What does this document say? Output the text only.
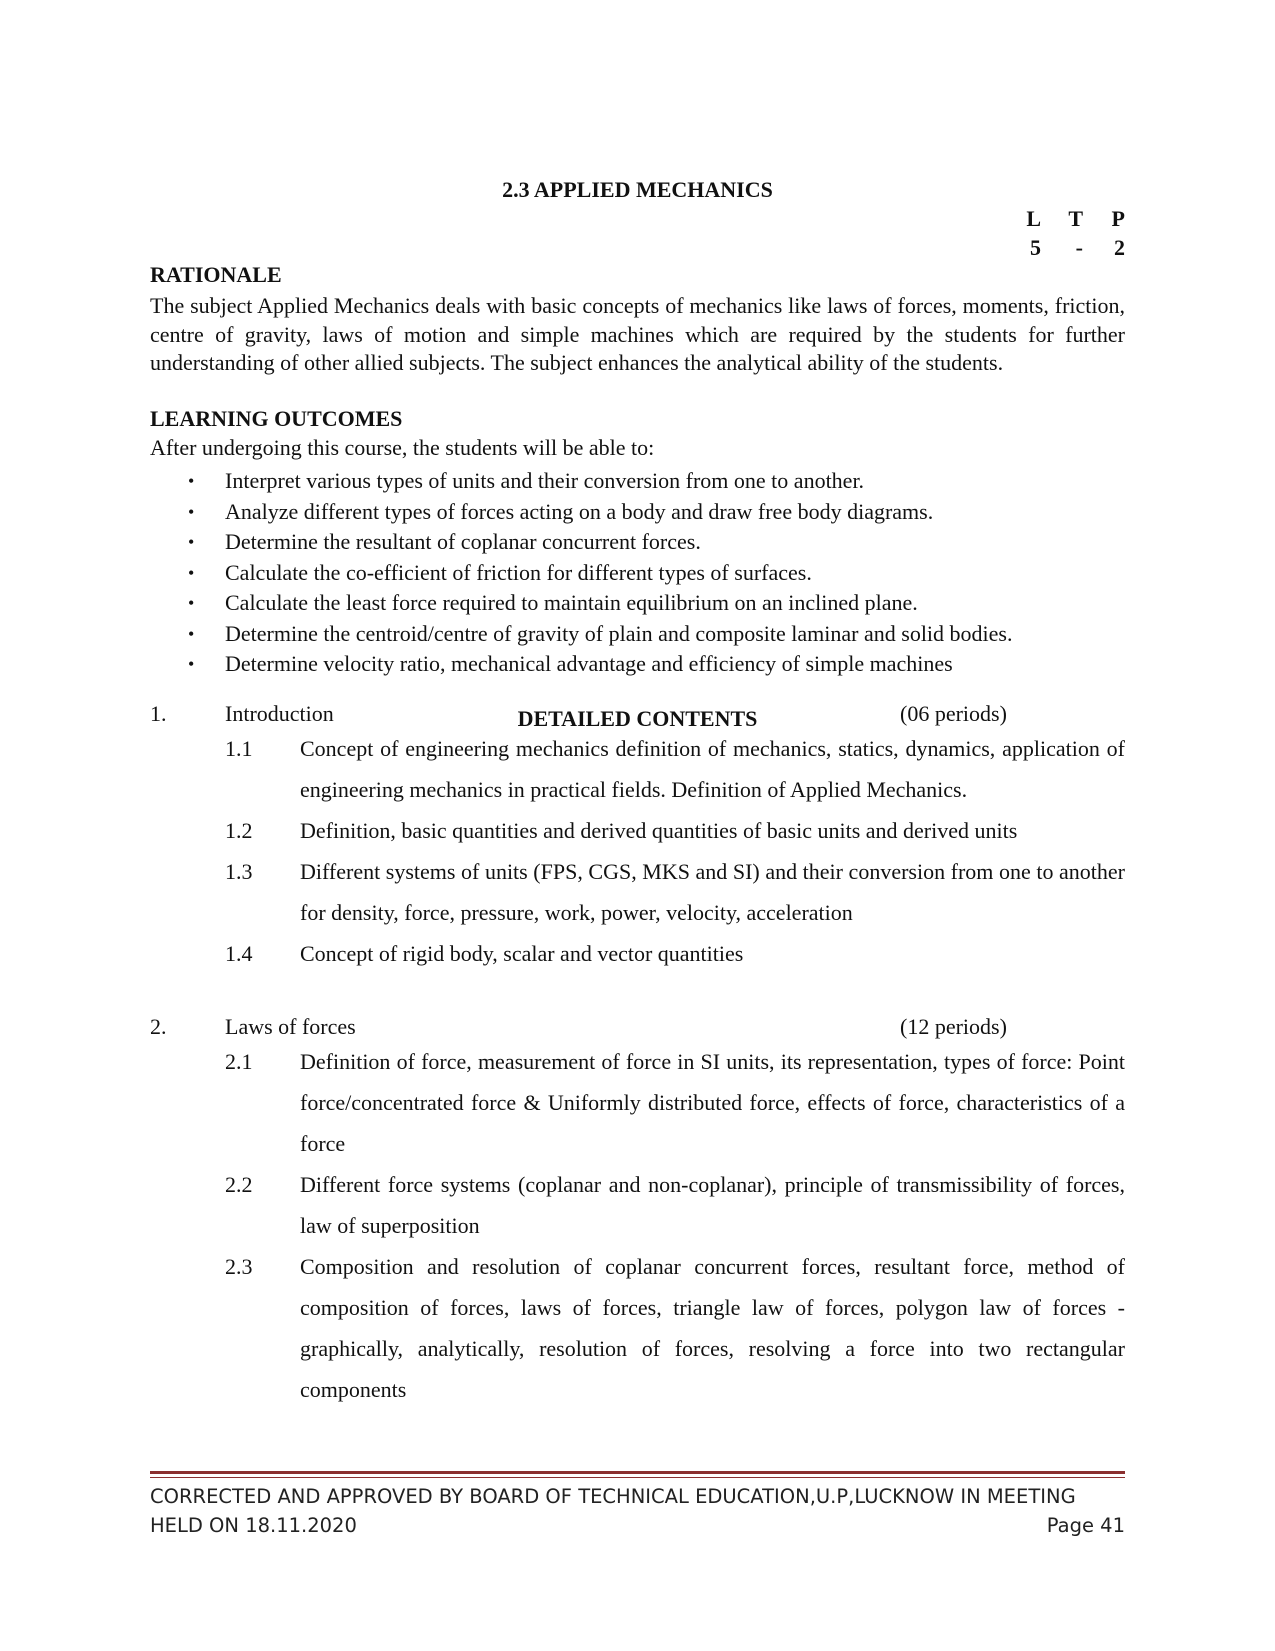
2.3 APPLIED MECHANICS
L	T	P
5	-	2
RATIONALE
The subject Applied Mechanics deals with basic concepts of mechanics like laws of forces, moments, friction, centre of gravity, laws of motion and simple machines which are required by the students for further understanding of other allied subjects. The subject enhances the analytical ability of the students.
LEARNING OUTCOMES
After undergoing this course, the students will be able to:
• Interpret various types of units and their conversion from one to another.
• Analyze different types of forces acting on a body and draw free body diagrams.
• Determine the resultant of coplanar concurrent forces.
• Calculate the co-efficient of friction for different types of surfaces.
• Calculate the least force required to maintain equilibrium on an inclined plane.
• Determine the centroid/centre of gravity of plain and composite laminar and solid bodies.
• Determine velocity ratio, mechanical advantage and efficiency of simple machines
DETAILED CONTENTS
1.	Introduction	(06 periods)
1.1 Concept of engineering mechanics definition of mechanics, statics, dynamics, application of engineering mechanics in practical fields. Definition of Applied Mechanics.
1.2 Definition, basic quantities and derived quantities of basic units and derived units
1.3 Different systems of units (FPS, CGS, MKS and SI) and their conversion from one to another for density, force, pressure, work, power, velocity, acceleration
1.4 Concept of rigid body, scalar and vector quantities
2.	Laws of forces	(12 periods)
2.1 Definition of force, measurement of force in SI units, its representation, types of force: Point force/concentrated force & Uniformly distributed force, effects of force, characteristics of a force
2.2 Different force systems (coplanar and non-coplanar), principle of transmissibility of forces, law of superposition
2.3 Composition and resolution of coplanar concurrent forces, resultant force, method of composition of forces, laws of forces, triangle law of forces, polygon law of forces - graphically, analytically, resolution of forces, resolving a force into two rectangular components
CORRECTED AND APPROVED BY BOARD OF TECHNICAL EDUCATION,U.P,LUCKNOW IN MEETING
HELD ON 18.11.2020	Page 41
